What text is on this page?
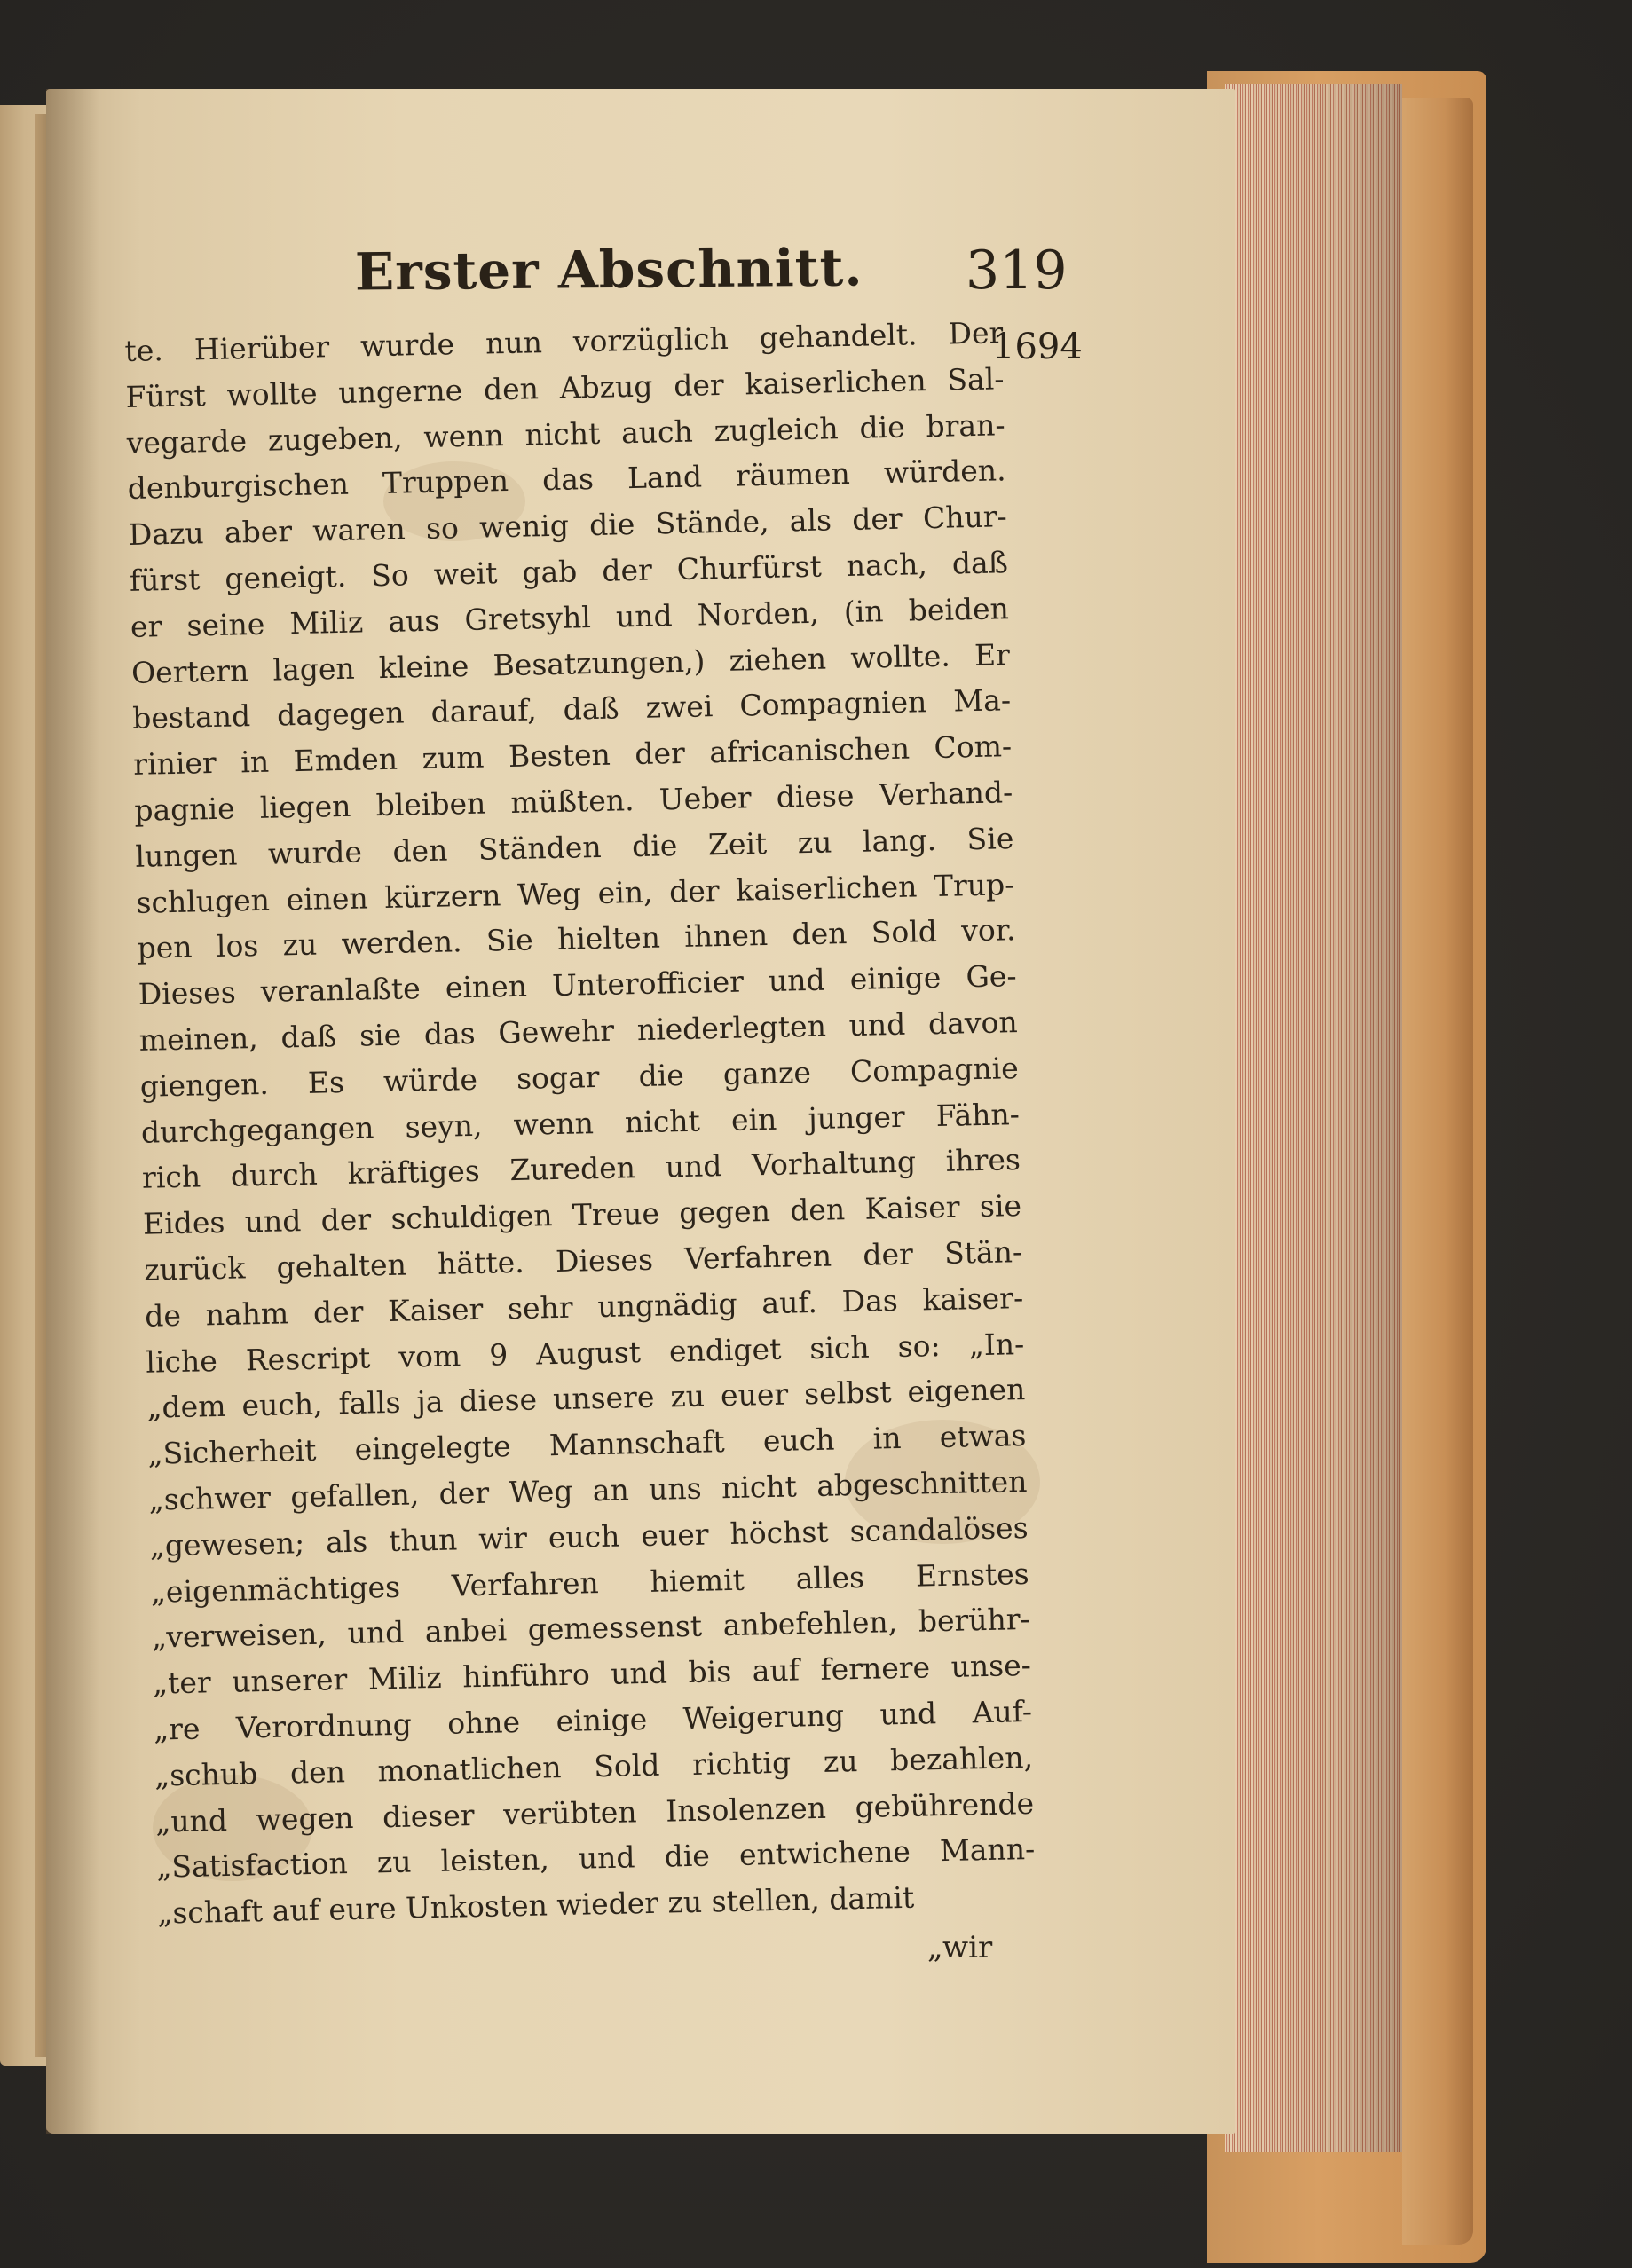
Erster Abschnitt. 319
1694
te. Hierüber wurde nun vorzüglich gehandelt. Der
Fürst wollte ungerne den Abzug der kaiserlichen Sal-
vegarde zugeben, wenn nicht auch zugleich die bran-
denburgischen Truppen das Land räumen würden.
Dazu aber waren so wenig die Stände, als der Chur-
fürst geneigt. So weit gab der Churfürst nach, daß
er seine Miliz aus Gretsyhl und Norden, (in beiden
Oertern lagen kleine Besatzungen,) ziehen wollte. Er
bestand dagegen darauf, daß zwei Compagnien Ma-
rinier in Emden zum Besten der africanischen Com-
pagnie liegen bleiben müßten. Ueber diese Verhand-
lungen wurde den Ständen die Zeit zu lang. Sie
schlugen einen kürzern Weg ein, der kaiserlichen Trup-
pen los zu werden. Sie hielten ihnen den Sold vor.
Dieses veranlaßte einen Unterofficier und einige Ge-
meinen, daß sie das Gewehr niederlegten und davon
giengen. Es würde sogar die ganze Compagnie
durchgegangen seyn, wenn nicht ein junger Fähn-
rich durch kräftiges Zureden und Vorhaltung ihres
Eides und der schuldigen Treue gegen den Kaiser sie
zurück gehalten hätte. Dieses Verfahren der Stän-
de nahm der Kaiser sehr ungnädig auf. Das kaiser-
liche Rescript vom 9 August endiget sich so: „In-
„dem euch, falls ja diese unsere zu euer selbst eigenen
„Sicherheit eingelegte Mannschaft euch in etwas
„schwer gefallen, der Weg an uns nicht abgeschnitten
„gewesen; als thun wir euch euer höchst scandalöses
„eigenmächtiges Verfahren hiemit alles Ernstes
„verweisen, und anbei gemessenst anbefehlen, berühr-
„ter unserer Miliz hinführo und bis auf fernere unse-
„re Verordnung ohne einige Weigerung und Auf-
„schub den monatlichen Sold richtig zu bezahlen,
„und wegen dieser verübten Insolenzen gebührende
„Satisfaction zu leisten, und die entwichene Mann-
„schaft auf eure Unkosten wieder zu stellen, damit
„wir
